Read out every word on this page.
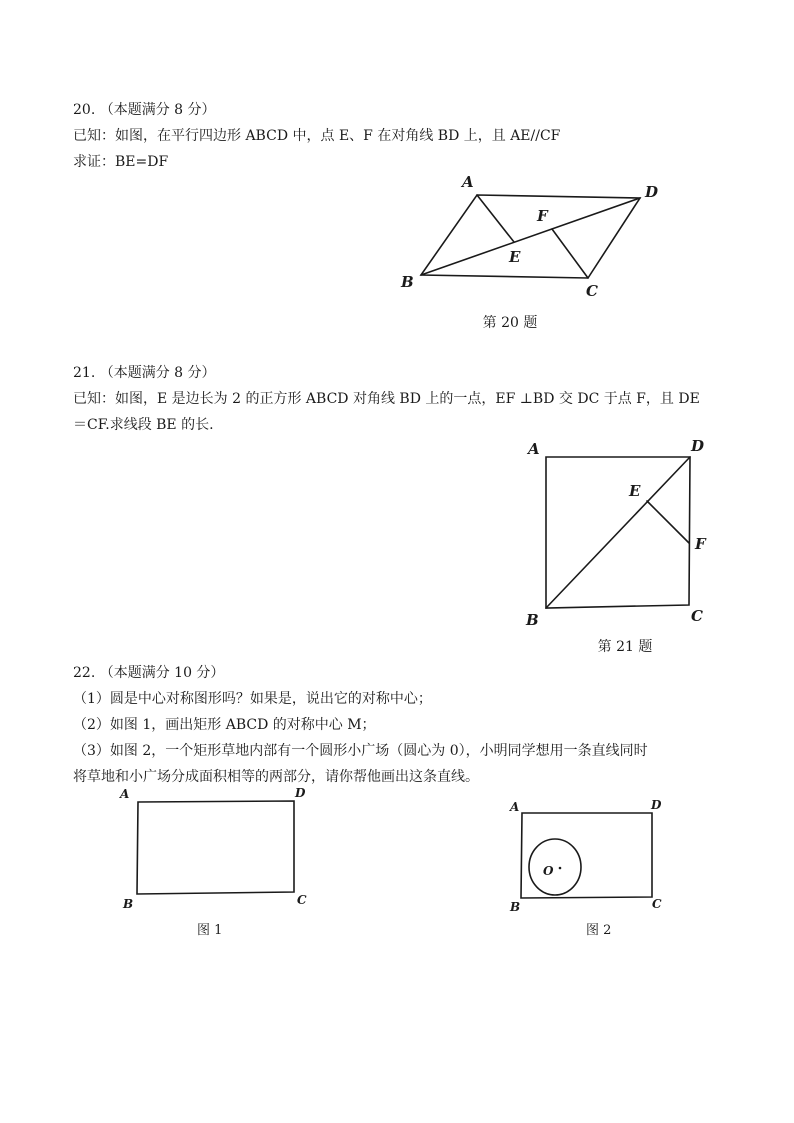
20. （本题满分 8 分）
已知：如图，在平行四边形 ABCD 中，点 E、F 在对角线 BD 上，且 AE//CF
求证：BE=DF
A
D
F
E
B	C
第 20 题
21. （本题满分 8 分）
已知：如图，E 是边长为 2 的正方形 ABCD 对角线 BD 上的一点，EF ⊥BD 交 DC 于点 F，且 DE
＝CF.求线段 BE 的长.
A	D
E
F
B	C
第 21 题
22. （本题满分 10 分）
（1）圆是中心对称图形吗？如果是，说出它的对称中心；
（2）如图 1，画出矩形 ABCD 的对称中心 M；
（3）如图 2，一个矩形草地内部有一个圆形小广场（圆心为 0），小明同学想用一条直线同时
将草地和小广场分成面积相等的两部分，请你帮他画出这条直线。
A	D
B	C
图 1
A	D
O
B	C
图 2
